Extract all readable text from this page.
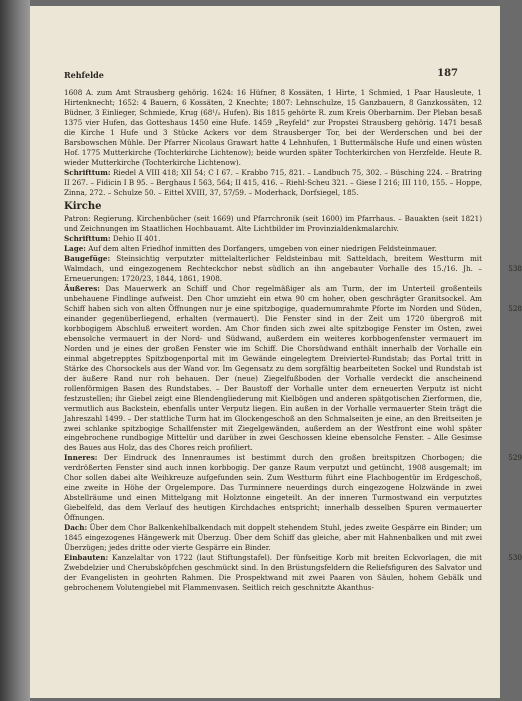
Rehfelde	187

1608 A. zum Amt Strausberg gehörig. 1624: 16 Hüfner, 8 Kossäten, 1 Hirte, 1 Schmied, 1 Paar Hausleute, 1 Hirtenknecht; 1652: 4 Bauern, 6 Kossäten, 2 Knechte; 1807: Lehnschulze, 15 Ganzbauern, 8 Ganzkossäten, 12 Büdner, 3 Einlieger, Schmiede, Krug (68¹/₂ Hufen). Bis 1815 gehörte R. zum Kreis Oberbarnim. Der Pleban besaß 1375 vier Hufen, das Gotteshaus 1450 eine Hufe. 1459 „Reyfeld“ zur Propstei Strausberg gehörig. 1471 besaß die Kirche 1 Hufe und 3 Stücke Ackers vor dem Strausberger Tor, bei der Werderschen und bei der Barsbowschen Mühle. Der Pfarrer Nicolaus Grawart hatte 4 Lehnhufen, 1 Buttermälsche Hufe und einen wüsten Hof. 1775 Mutterkirche (Tochterkirche Lichtenow); beide wurden später Tochterkirchen von Herzfelde. Heute R. wieder Mutterkirche (Tochterkirche Lichtenow).

Schrifttum: Riedel A VIII 418; XII 54; C I 67. – Krabbo 715, 821. – Landbuch 75, 302. – Büsching 224. – Bratring II 267. – Fidicin I B 95. – Berghaus I 563, 564; II 415, 416. – Riehl-Scheu 321. – Giese I 216; III 110, 155. – Hoppe, Zinna, 272. – Schulze 50. – Eittel XVIII, 37, 57/59. – Moderhack, Dorfsiegel, 185.

Kirche

Patron: Regierung. Kirchenbücher (seit 1669) und Pfarrchronik (seit 1600) im Pfarrhaus. – Bauakten (seit 1821) und Zeichnungen im Staatlichen Hochbauamt. Alte Lichtbilder im Provinzialdenkmalarchiv.

Schrifttum: Dehio II 401.

Lage: Auf dem alten Friedhof inmitten des Dorfangers, umgeben von einer niedrigen Feldsteinmauer.

538

Baugefüge: Steinsichtig verputzter mittelalterlicher Feldsteinbau mit Satteldach, breitem Westturm mit Walmdach, und eingezogenem Rechteckchor nebst südlich an ihn angebauter Vorhalle des 15./16. Jh. – Erneuerungen: 1720/23, 1844, 1861, 1908.

528

Äußeres: Das Mauerwerk an Schiff und Chor regelmäßiger als am Turm, der im Unterteil großenteils unbehauene Findlinge aufweist. Den Chor umzieht ein etwa 90 cm hoher, oben geschrägter Granitsockel. Am Schiff haben sich von alten Öffnungen nur je eine spitzbogige, quadernumrahmte Pforte im Norden und Süden, einander gegenüberliegend, erhalten (vermauert). Die Fenster sind in der Zeit um 1720 übergroß mit korbbogigem Abschluß erweitert worden. Am Chor finden sich zwei alte spitzbogige Fenster im Osten, zwei ebensolche vermauert in der Nord- und Südwand, außerdem ein weiteres korbbogenfenster vermauert im Norden und je eines der großen Fenster wie im Schiff. Die Chorsüdwand enthält innerhalb der Vorhalle ein einmal abgetrepptes Spitzbogenportal mit im Gewände eingelegtem Dreiviertel-Rundstab; das Portal tritt in Stärke des Chorsockels aus der Wand vor. Im Gegensatz zu dem sorgfältig bearbeiteten Sockel und Rundstab ist der äußere Rand nur roh behauen. Der (neue) Ziegelfußboden der Vorhalle verdeckt die anscheinend rollenförmigen Basen des Rundstabes. – Der Baustoff der Vorhalle unter dem erneuerten Verputz ist nicht festzustellen; ihr Giebel zeigt eine Blendengliederung mit Kielbögen und anderen spätgotischen Zierformen, die, vermutlich aus Backstein, ebenfalls unter Verputz liegen. Ein außen in der Vorhalle vermauerter Stein trägt die Jahreszahl 1499. – Der stattliche Turm hat im Glockengeschoß an den Schmalseiten je eine, an den Breitseiten je zwei schlanke spitzbogige Schallfenster mit Ziegelgewänden, außerdem an der Westfront eine wohl später eingebrochene rundbogige Mittelür und darüber in zwei Geschossen kleine ebensolche Fenster. – Alle Gesimse des Baues aus Holz, das des Chores reich profiliert.

529

Inneres: Der Eindruck des Innenraumes ist bestimmt durch den großen breitspitzen Chorbogen; die verdrößerten Fenster sind auch innen korbbogig. Der ganze Raum verputzt und getüncht, 1908 ausgemalt; im Chor sollen dabei alte Weihkreuze aufgefunden sein. Zum Westturm führt eine Flachbogentür im Erdgeschoß, eine zweite in Höhe der Orgelempore. Das Turminnere neuerdings durch eingezogene Holzwände in zwei Abstellräume und einen Mittelgang mit Holztonne eingeteilt. An der inneren Turmostwand ein verputztes Giebelfeld, das dem Verlauf des heutigen Kirchdaches entspricht; innerhalb desselben Spuren vermauerter Öffnungen.

Dach: Über dem Chor Balkenkehlbalkendach mit doppelt stehendem Stuhl, jedes zweite Gespärre ein Binder; um 1845 eingezogenes Hängewerk mit Überzug. Über dem Schiff das gleiche, aber mit Hahnenbalken und mit zwei Überzügen; jedes dritte oder vierte Gespärre ein Binder.

530

Einbauten: Kanzelaltar von 1722 (laut Stiftungstafel). Der fünfseitige Korb mit breiten Eckvorlagen, die mit Zwebdelzier und Cherubsköpfchen geschmückt sind. In den Brüstungsfeldern die Reliefsfiguren des Salvator und der Evangelisten in geohrten Rahmen. Die Prospektwand mit zwei Paaren von Säulen, hohem Gebälk und gebrochenem Volutengiebel mit Flammenvasen. Seitlich reich geschnitzte Akanthus-
